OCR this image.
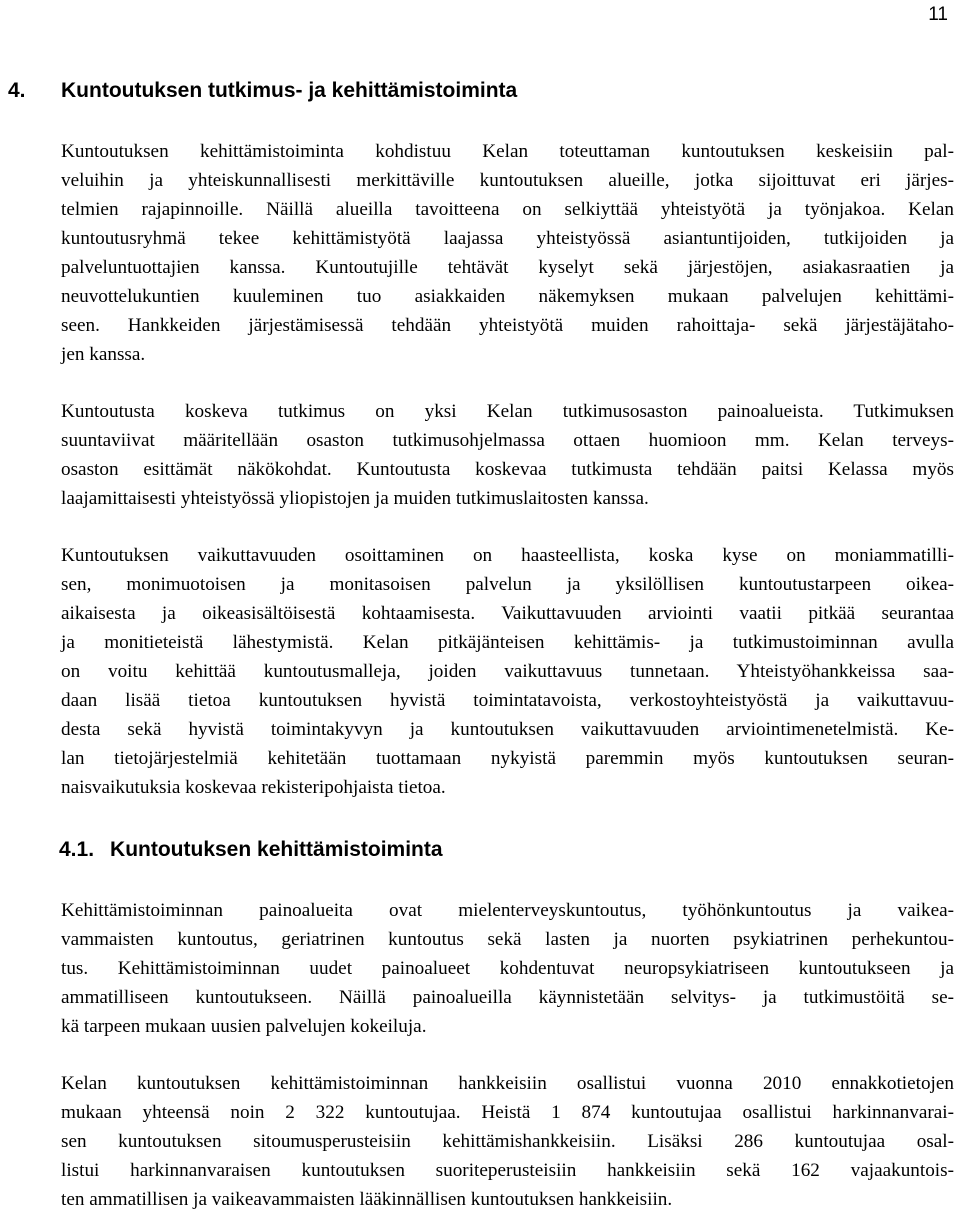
11
4. Kuntoutuksen tutkimus- ja kehittämistoiminta

Kuntoutuksen kehittämistoiminta kohdistuu Kelan toteuttaman kuntoutuksen keskeisiin pal-
veluihin ja yhteiskunnallisesti merkittäville kuntoutuksen alueille, jotka sijoittuvat eri järjes-
telmien rajapinnoille. Näillä alueilla tavoitteena on selkiyttää yhteistyötä ja työnjakoa. Kelan
kuntoutusryhmä tekee kehittämistyötä laajassa yhteistyössä asiantuntijoiden, tutkijoiden ja
palveluntuottajien kanssa. Kuntoutujille tehtävät kyselyt sekä järjestöjen, asiakasraatien ja
neuvottelukuntien kuuleminen tuo asiakkaiden näkemyksen mukaan palvelujen kehittämi-
seen. Hankkeiden järjestämisessä tehdään yhteistyötä muiden rahoittaja- sekä järjestäjätaho-
jen kanssa.

Kuntoutusta koskeva tutkimus on yksi Kelan tutkimusosaston painoalueista. Tutkimuksen
suuntaviivat määritellään osaston tutkimusohjelmassa ottaen huomioon mm. Kelan terveys-
osaston esittämät näkökohdat. Kuntoutusta koskevaa tutkimusta tehdään paitsi Kelassa myös
laajamittaisesti yhteistyössä yliopistojen ja muiden tutkimuslaitosten kanssa.

Kuntoutuksen vaikuttavuuden osoittaminen on haasteellista, koska kyse on moniammatilli-
sen, monimuotoisen ja monitasoisen palvelun ja yksilöllisen kuntoutustarpeen oikea-
aikaisesta ja oikeasisältöisestä kohtaamisesta. Vaikuttavuuden arviointi vaatii pitkää seurantaa
ja monitieteistä lähestymistä. Kelan pitkäjänteisen kehittämis- ja tutkimustoiminnan avulla
on voitu kehittää kuntoutusmalleja, joiden vaikuttavuus tunnetaan. Yhteistyöhankkeissa saa-
daan lisää tietoa kuntoutuksen hyvistä toimintatavoista, verkostoyhteistyöstä ja vaikuttavuu-
desta sekä hyvistä toimintakyvyn ja kuntoutuksen vaikuttavuuden arviointimenetelmistä. Ke-
lan tietojärjestelmiä kehitetään tuottamaan nykyistä paremmin myös kuntoutuksen seuran-
naisvaikutuksia koskevaa rekisteripohjaista tietoa.

4.1. Kuntoutuksen kehittämistoiminta

Kehittämistoiminnan painoalueita ovat mielenterveyskuntoutus, työhönkuntoutus ja vaikea-
vammaisten kuntoutus, geriatrinen kuntoutus sekä lasten ja nuorten psykiatrinen perhekuntou-
tus. Kehittämistoiminnan uudet painoalueet kohdentuvat neuropsykiatriseen kuntoutukseen ja
ammatilliseen kuntoutukseen. Näillä painoalueilla käynnistetään selvitys- ja tutkimustöitä se-
kä tarpeen mukaan uusien palvelujen kokeiluja.

Kelan kuntoutuksen kehittämistoiminnan hankkeisiin osallistui vuonna 2010 ennakkotietojen
mukaan yhteensä noin 2 322 kuntoutujaa. Heistä 1 874 kuntoutujaa osallistui harkinnanvarai-
sen kuntoutuksen sitoumusperusteisiin kehittämishankkeisiin. Lisäksi 286 kuntoutujaa osal-
listui harkinnanvaraisen kuntoutuksen suoriteperusteisiin hankkeisiin sekä 162 vajaakuntois-
ten ammatillisen ja vaikeavammaisten lääkinnällisen kuntoutuksen hankkeisiin.
